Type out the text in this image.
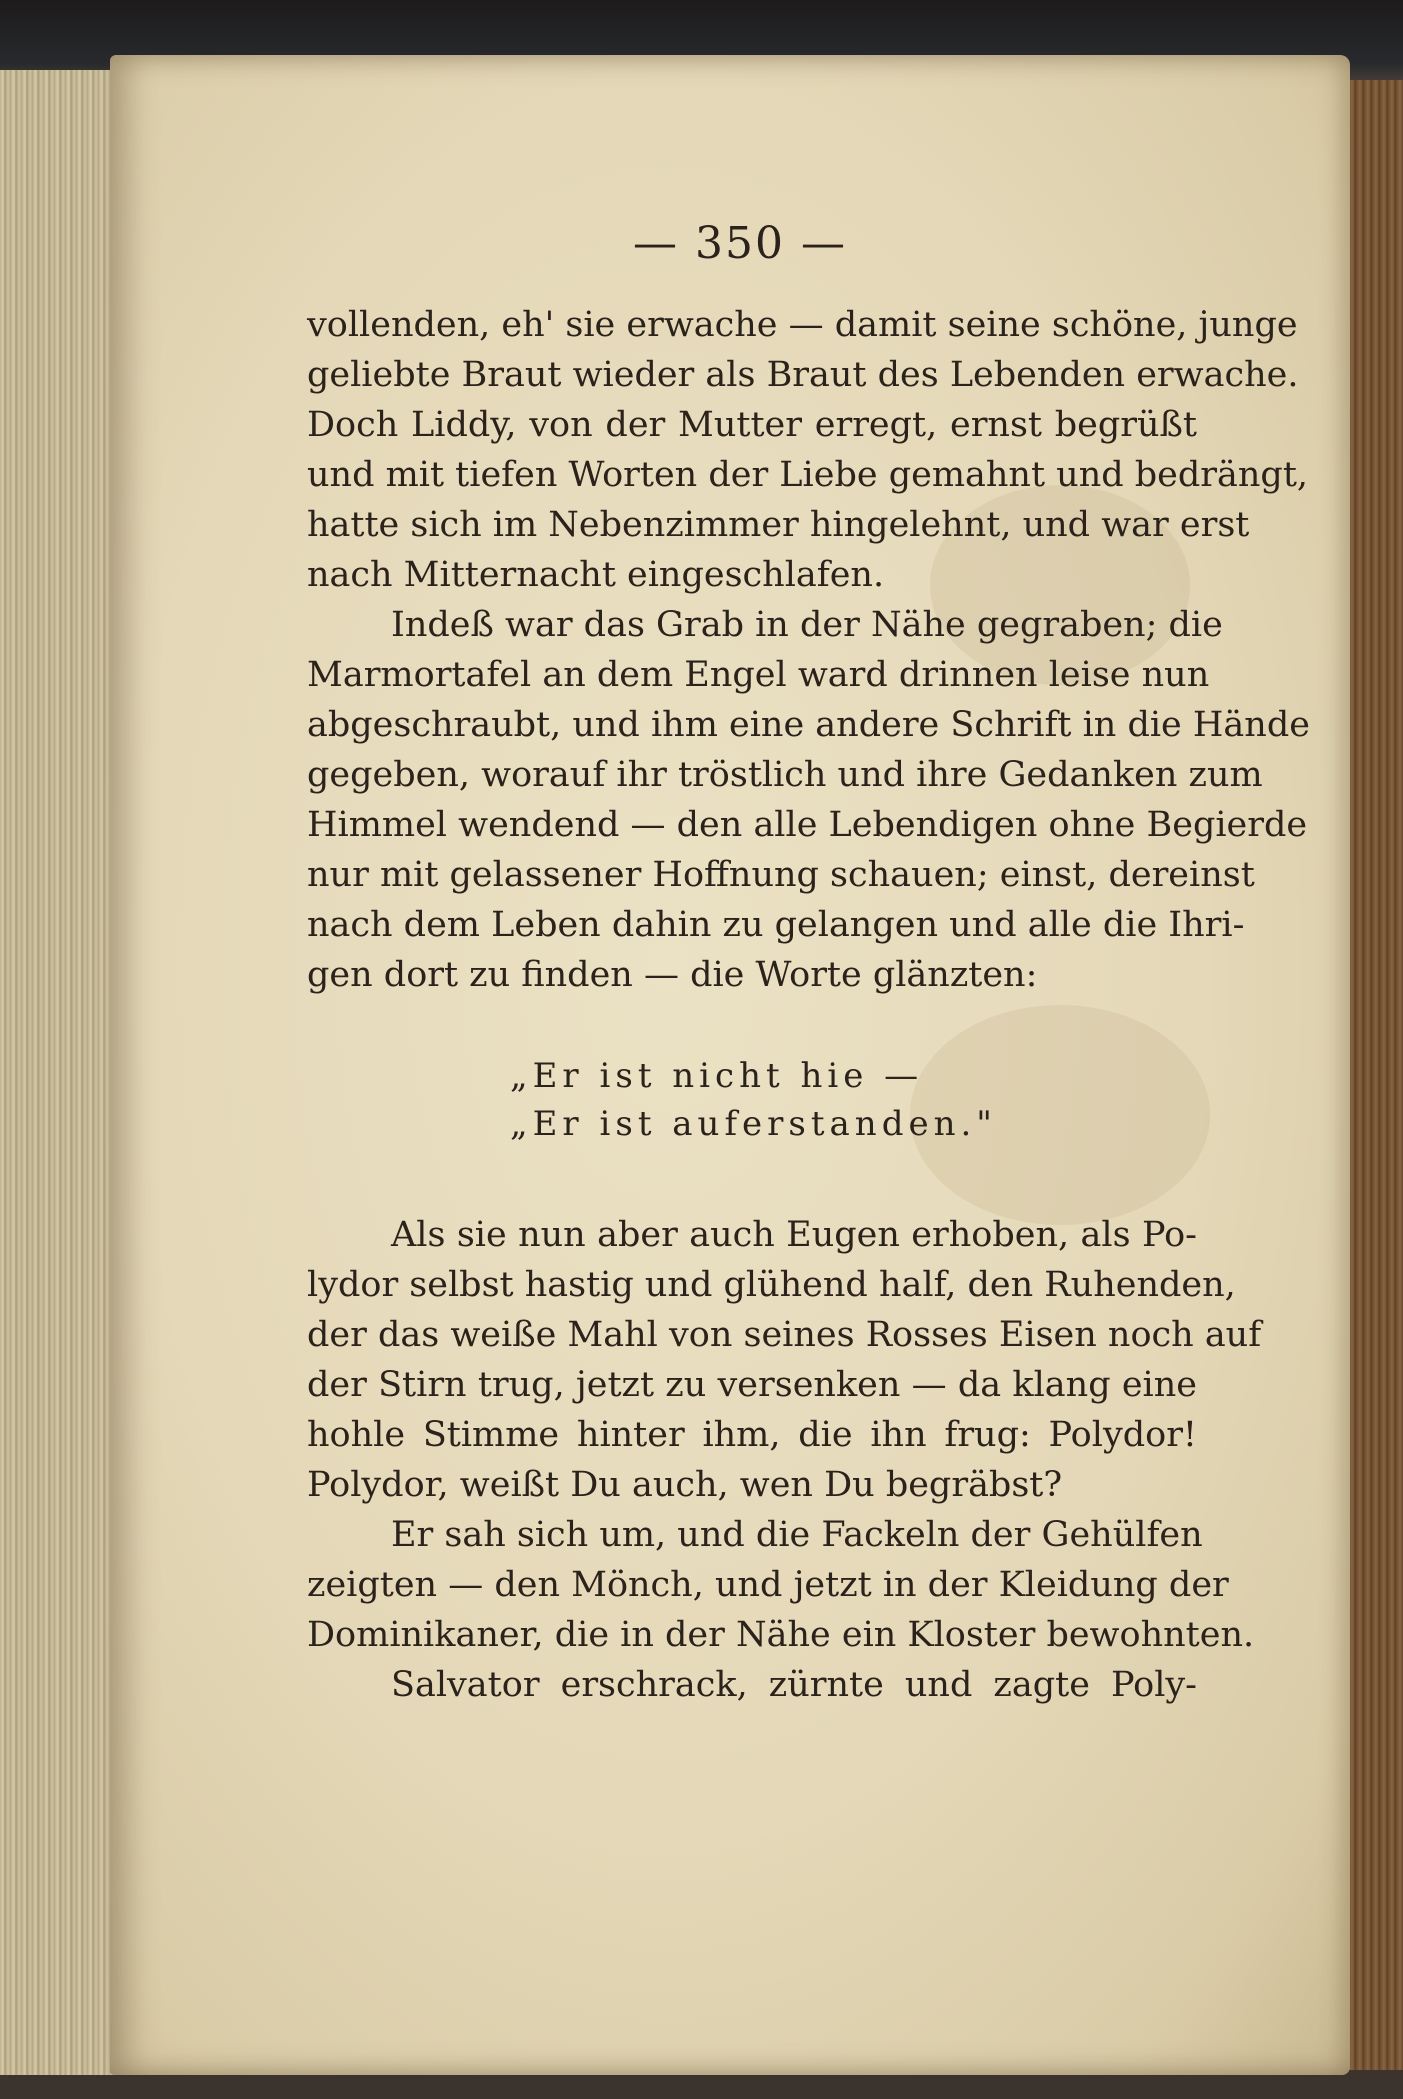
— 350 —
vollenden, eh' sie erwache — damit seine schöne, junge
geliebte Braut wieder als Braut des Lebenden erwache.
Doch Liddy, von der Mutter erregt, ernst begrüßt
und mit tiefen Worten der Liebe gemahnt und bedrängt,
hatte sich im Nebenzimmer hingelehnt, und war erst
nach Mitternacht eingeschlafen.
Indeß war das Grab in der Nähe gegraben; die
Marmortafel an dem Engel ward drinnen leise nun
abgeschraubt, und ihm eine andere Schrift in die Hände
gegeben, worauf ihr tröstlich und ihre Gedanken zum
Himmel wendend — den alle Lebendigen ohne Begierde
nur mit gelassener Hoffnung schauen; einst, dereinst
nach dem Leben dahin zu gelangen und alle die Ihri-
gen dort zu finden — die Worte glänzten:
„Er ist nicht hie —
„Er ist auferstanden."
Als sie nun aber auch Eugen erhoben, als Po-
lydor selbst hastig und glühend half, den Ruhenden,
der das weiße Mahl von seines Rosses Eisen noch auf
der Stirn trug, jetzt zu versenken — da klang eine
hohle Stimme hinter ihm, die ihn frug: Polydor!
Polydor, weißt Du auch, wen Du begräbst?
Er sah sich um, und die Fackeln der Gehülfen
zeigten — den Mönch, und jetzt in der Kleidung der
Dominikaner, die in der Nähe ein Kloster bewohnten.
Salvator erschrack, zürnte und zagte Poly-
